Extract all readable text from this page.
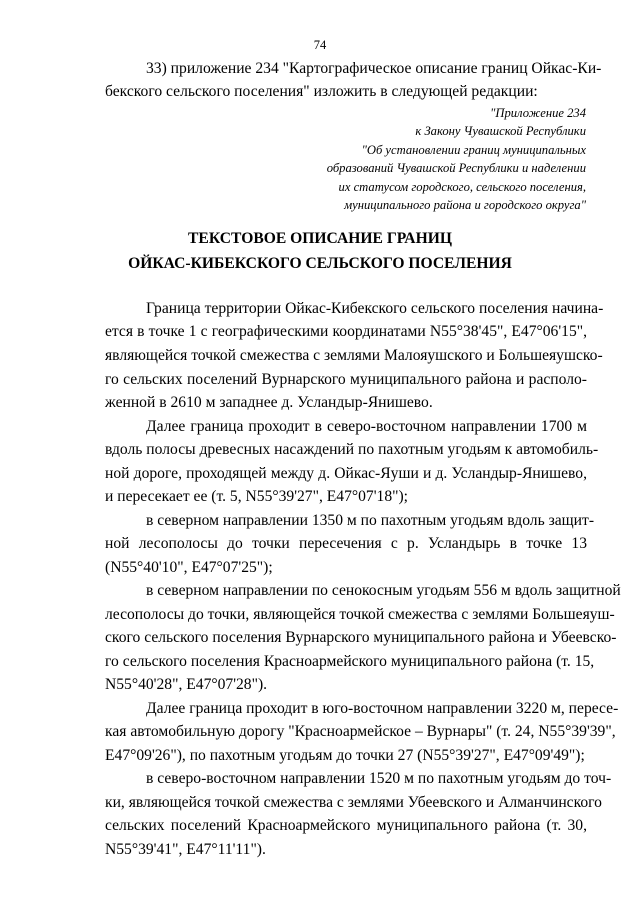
74
33) приложение 234 "Картографическое описание границ Ойкас-Ки-
бекского сельского поселения" изложить в следующей редакции:
"Приложение 234
к Закону Чувашской Республики
"Об установлении границ муниципальных
образований Чувашской Республики и наделении
их статусом городского, сельского поселения,
муниципального района и городского округа"
ТЕКСТОВОЕ ОПИСАНИЕ ГРАНИЦ
ОЙКАС-КИБЕКСКОГО СЕЛЬСКОГО ПОСЕЛЕНИЯ
Граница территории Ойкас-Кибекского сельского поселения начина-
ется в точке 1 с географическими координатами N55°38'45", E47°06'15",
являющейся точкой смежества с землями Малояушского и Большеяушско-
го сельских поселений Вурнарского муниципального района и располо-
женной в 2610 м западнее д. Усландыр-Янишево.
Далее граница проходит в северо-восточном направлении 1700 м
вдоль полосы древесных насаждений по пахотным угодьям к автомобиль-
ной дороге, проходящей между д. Ойкас-Яуши и д. Усландыр-Янишево,
и пересекает ее (т. 5, N55°39'27", E47°07'18");
в северном направлении 1350 м по пахотным угодьям вдоль защит-
ной лесополосы до точки пересечения с р. Усландырь в точке 13
(N55°40'10", E47°07'25");
в северном направлении по сенокосным угодьям 556 м вдоль защитной
лесополосы до точки, являющейся точкой смежества с землями Большеяуш-
ского сельского поселения Вурнарского муниципального района и Убеевско-
го сельского поселения Красноармейского муниципального района (т. 15,
N55°40'28", E47°07'28").
Далее граница проходит в юго-восточном направлении 3220 м, пересе-
кая автомобильную дорогу "Красноармейское – Вурнары" (т. 24, N55°39'39",
E47°09'26"), по пахотным угодьям до точки 27 (N55°39'27", E47°09'49");
в северо-восточном направлении 1520 м по пахотным угодьям до точ-
ки, являющейся точкой смежества с землями Убеевского и Алманчинского
сельских поселений Красноармейского муниципального района (т. 30,
N55°39'41", E47°11'11").
